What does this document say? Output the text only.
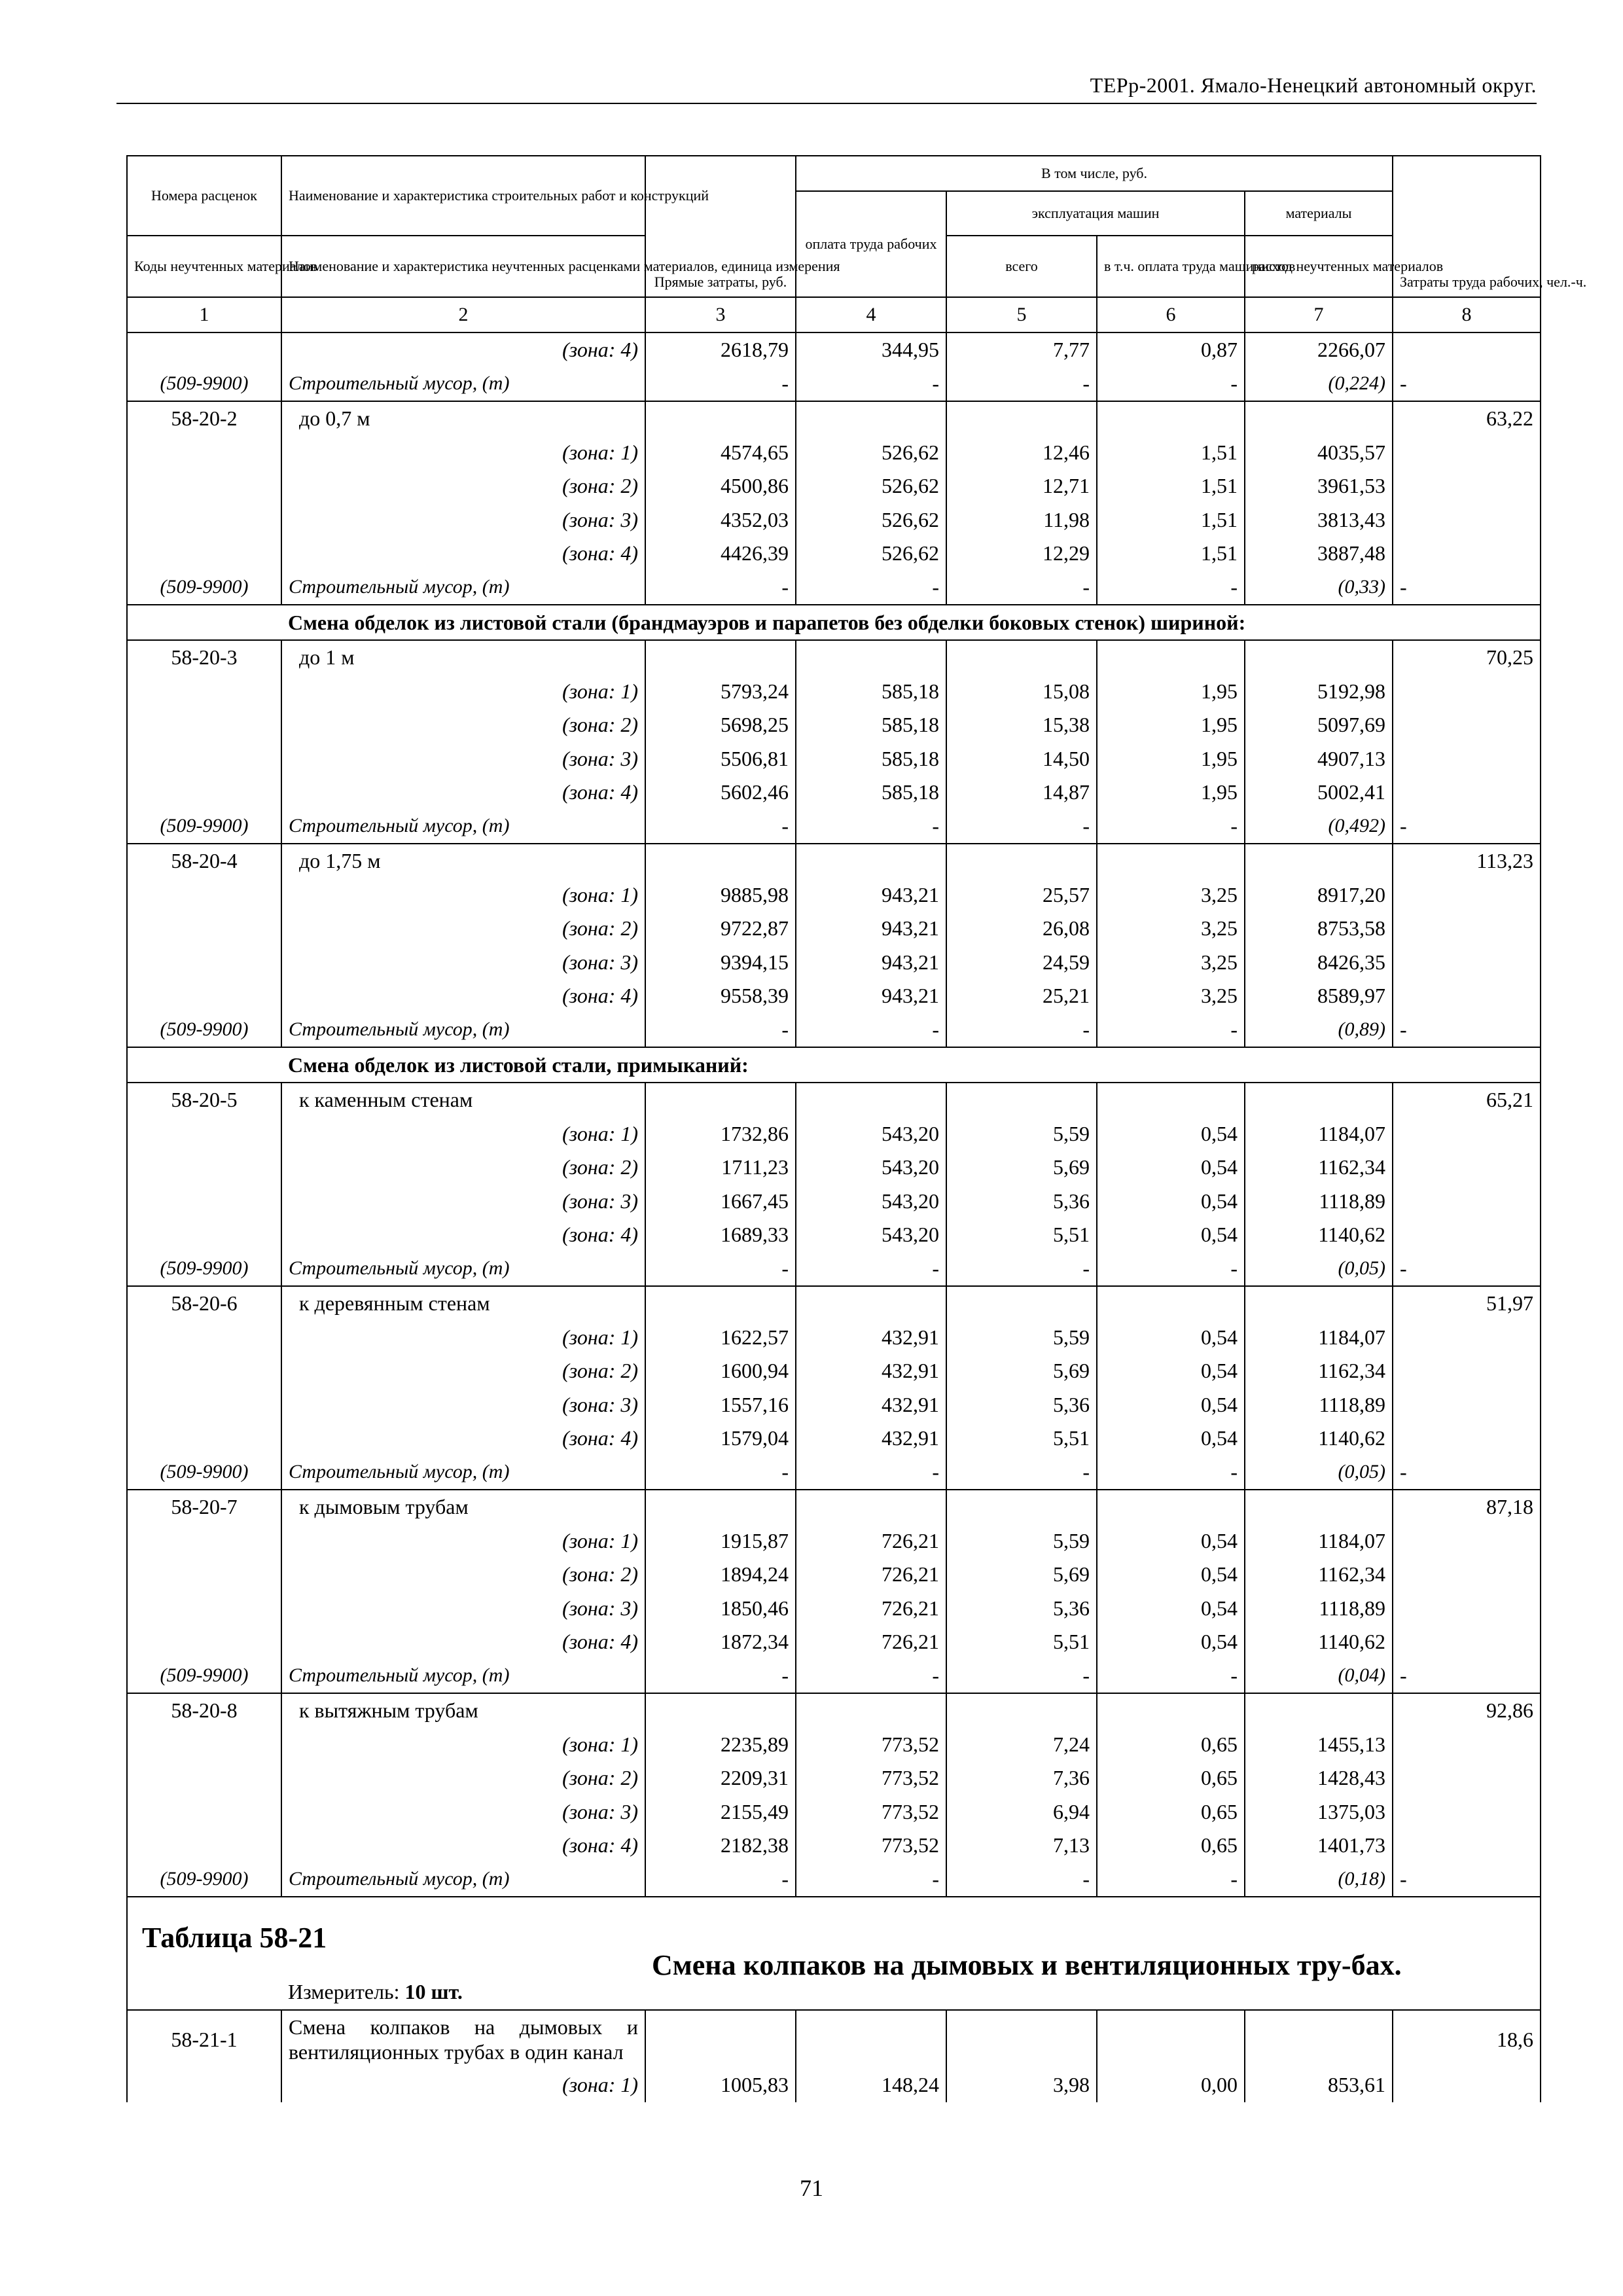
ТЕРр-2001. Ямало-Ненецкий автономный округ.
Номера расценок	Наименование и характеристика строительных работ и конструкций	Прямые затраты, руб.	В том числе, руб.				Затраты труда рабочих, чел.-ч.
			оплата труда рабочих	эксплуатация машин		материалы	
Коды неучтенных материалов	Наименование и характеристика неучтенных расценками материалов, единица измерения			всего	в т.ч. оплата труда машинистов	расход неучтенных материалов	
1	2	3	4	5	6	7	8
	(зона: 4)	2618,79	344,95	7,77	0,87	2266,07	
(509-9900)	Строительный мусор, (т)	-	-	-	-	(0,224)	-
58-20-2	до 0,7 м						63,22
	(зона: 1)	4574,65	526,62	12,46	1,51	4035,57	
	(зона: 2)	4500,86	526,62	12,71	1,51	3961,53	
	(зона: 3)	4352,03	526,62	11,98	1,51	3813,43	
	(зона: 4)	4426,39	526,62	12,29	1,51	3887,48	
(509-9900)	Строительный мусор, (т)	-	-	-	-	(0,33)	-
	Смена обделок из листовой стали (брандмауэров и парапетов без обделки боковых стенок) шириной:						
58-20-3	до 1 м						70,25
	(зона: 1)	5793,24	585,18	15,08	1,95	5192,98	
	(зона: 2)	5698,25	585,18	15,38	1,95	5097,69	
	(зона: 3)	5506,81	585,18	14,50	1,95	4907,13	
	(зона: 4)	5602,46	585,18	14,87	1,95	5002,41	
(509-9900)	Строительный мусор, (т)	-	-	-	-	(0,492)	-
58-20-4	до 1,75 м						113,23
	(зона: 1)	9885,98	943,21	25,57	3,25	8917,20	
	(зона: 2)	9722,87	943,21	26,08	3,25	8753,58	
	(зона: 3)	9394,15	943,21	24,59	3,25	8426,35	
	(зона: 4)	9558,39	943,21	25,21	3,25	8589,97	
(509-9900)	Строительный мусор, (т)	-	-	-	-	(0,89)	-
	Смена обделок из листовой стали, примыканий:						
58-20-5	к каменным стенам						65,21
	(зона: 1)	1732,86	543,20	5,59	0,54	1184,07	
	(зона: 2)	1711,23	543,20	5,69	0,54	1162,34	
	(зона: 3)	1667,45	543,20	5,36	0,54	1118,89	
	(зона: 4)	1689,33	543,20	5,51	0,54	1140,62	
(509-9900)	Строительный мусор, (т)	-	-	-	-	(0,05)	-
58-20-6	к деревянным стенам						51,97
	(зона: 1)	1622,57	432,91	5,59	0,54	1184,07	
	(зона: 2)	1600,94	432,91	5,69	0,54	1162,34	
	(зона: 3)	1557,16	432,91	5,36	0,54	1118,89	
	(зона: 4)	1579,04	432,91	5,51	0,54	1140,62	
(509-9900)	Строительный мусор, (т)	-	-	-	-	(0,05)	-
58-20-7	к дымовым трубам						87,18
	(зона: 1)	1915,87	726,21	5,59	0,54	1184,07	
	(зона: 2)	1894,24	726,21	5,69	0,54	1162,34	
	(зона: 3)	1850,46	726,21	5,36	0,54	1118,89	
	(зона: 4)	1872,34	726,21	5,51	0,54	1140,62	
(509-9900)	Строительный мусор, (т)	-	-	-	-	(0,04)	-
58-20-8	к вытяжным трубам						92,86
	(зона: 1)	2235,89	773,52	7,24	0,65	1455,13	
	(зона: 2)	2209,31	773,52	7,36	0,65	1428,43	
	(зона: 3)	2155,49	773,52	6,94	0,65	1375,03	
	(зона: 4)	2182,38	773,52	7,13	0,65	1401,73	
(509-9900)	Строительный мусор, (т)	-	-	-	-	(0,18)	-
Таблица 58-21		Смена колпаков на дымовых и вентиляционных тру-бах.					
	Измеритель: 10 шт.						
58-21-1	Смена колпаков на дымовых и вентиляционных трубах в один канал						18,6
	(зона: 1)	1005,83	148,24	3,98	0,00	853,61	
71
